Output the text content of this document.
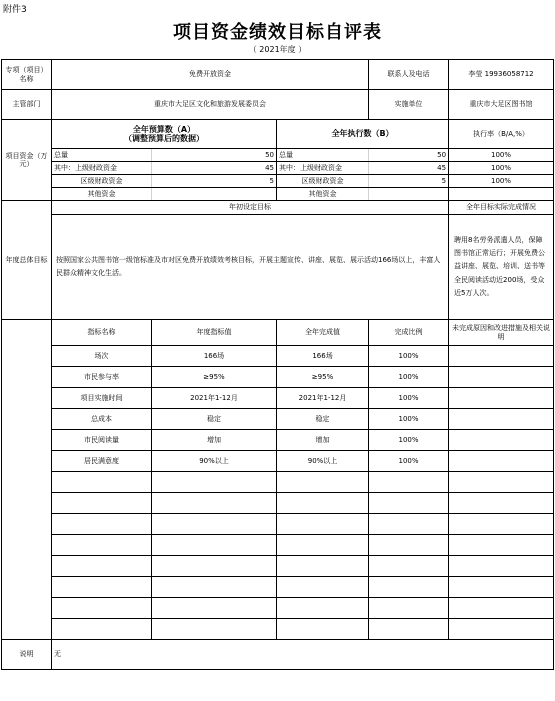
附件3
项目资金绩效目标自评表
（ 2021年度 ）
专项（项目）名称	免费开放资金			联系人及电话	李莹 19936058712
主管部门	重庆市大足区文化和旅游发展委员会			实施单位	重庆市大足区图书馆
项目资金（万元）	全年预算数（A）
（调整预算后的数据）		全年执行数（B）		执行率（B/A,%）
	总量	50	总量	50	100%
	其中：上级财政资金	45	其中：上级财政资金	45	100%
	区级财政资金	5	区级财政资金	5	100%
	其他资金		其他资金		
年度总体目标	年初设定目标				全年目标实际完成情况
	按照国家公共图书馆一级馆标准及市对区免费开放绩效考核目标，开展主题宣传、讲座、展览、展示活动166场以上，丰富人民群众精神文化生活。				聘用8名劳务派遣人员，保障图书馆正常运行；开展免费公益讲座、展览、培训、送书等全民阅读活动近200场，受众近5万人次。
	指标名称	年度指标值	全年完成值	完成比例	未完成原因和改进措施及相关说明
	场次	166场	166场	100%	
	市民参与率	≥95%	≥95%	100%	
	项目实施时间	2021年1-12月	2021年1-12月	100%	
	总成本	稳定	稳定	100%	
	市民阅读量	增加	增加	100%	
	居民满意度	90%以上	90%以上	100%	

说明	无				
